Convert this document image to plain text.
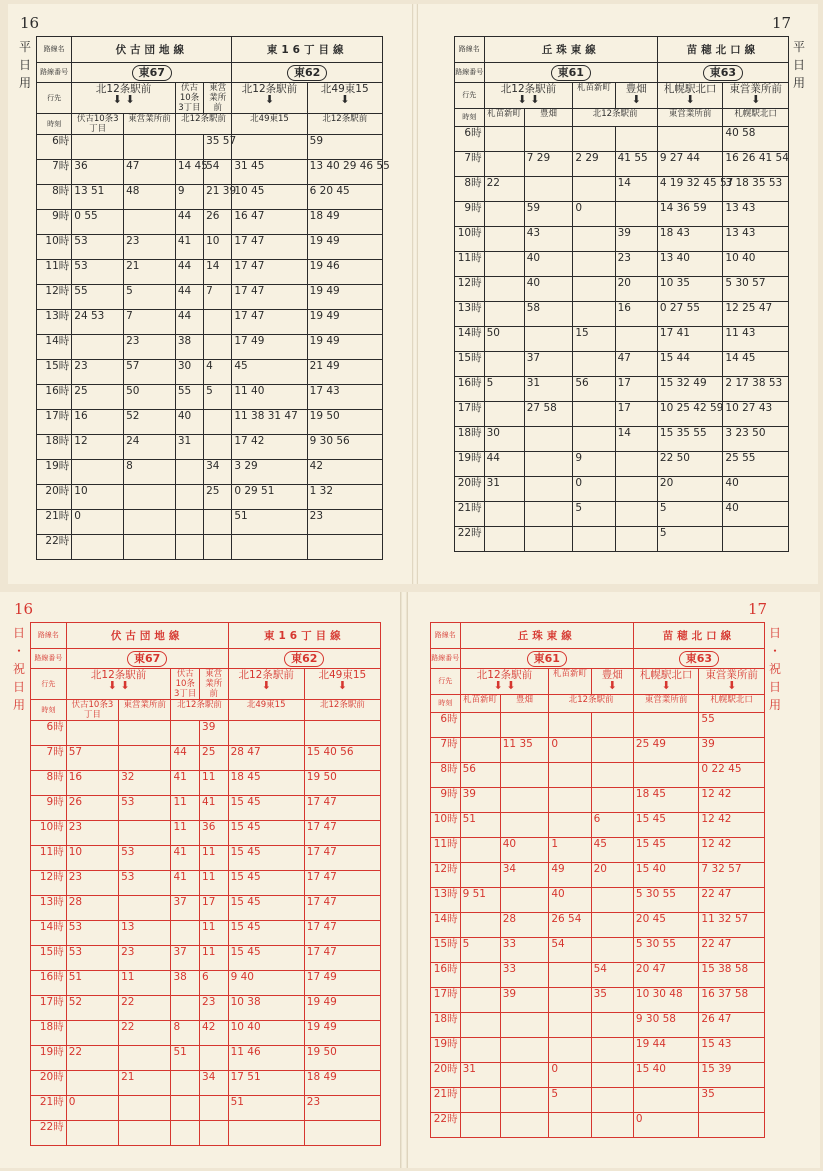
16
平
日
用
路線名	伏古団地線				東16丁目線	
路線番号	東67				東62	
行先	北12条駅前
⬇ ⬇		伏古10条3丁目	東営業所前	北12条駅前
⬇	北49東15
⬇

時刻	伏古10条3丁目	東営業所前	北12条駅前		北49東15	北12条駅前
6時				35 57		59
7時	36	47	14 45	54	31 45	13 40 29 46 55
8時	13 51	48	9	21 39	10 45	6 20 45
9時	0 55		44	26	16 47	18 49
10時	53	23	41	10	17 47	19 49
11時	53	21	44	14	17 47	19 46
12時	55	5	44	7	17 47	19 49
13時	24 53	7	44		17 47	19 49
14時		23	38		17 49	19 49
15時	23	57	30	4	45	21 49
16時	25	50	55	5	11 40	17 43
17時	16	52	40		11 38 31 47	19 50
18時	12	24	31		17 42	9 30 56
19時		8		34	3 29	42
20時	10			25	0 29 51	1 32
21時	0				51	23
22時						
17
平
日
用
路線名	丘珠東線				苗穂北口線	
路線番号	東61				東63	
行先	北12条駅前
⬇ ⬇		札苗新町	豊畑
⬇	札幌駅北口
⬇	東営業所前
⬇

時刻	札苗新町	豊畑	北12条駅前		東営業所前	札幌駅北口
6時						40 58
7時		7 29	2 29	41 55	9 27 44	16 26 41 54
8時	22			14	4 19 32 45 57	3 18 35 53
9時		59	0		14 36 59	13 43
10時		43		39	18 43	13 43
11時		40		23	13 40	10 40
12時		40		20	10 35	5 30 57
13時		58		16	0 27 55	12 25 47
14時	50		15		17 41	11 43
15時		37		47	15 44	14 45
16時	5	31	56	17	15 32 49	2 17 38 53
17時		27 58		17	10 25 42 59	10 27 43
18時	30			14	15 35 55	3 23 50
19時	44		9		22 50	25 55
20時	31		0		20	40
21時			5		5	40
22時					5	
16
日
・
祝
日
用
路線名	伏古団地線				東16丁目線	
路線番号	東67				東62	
行先	北12条駅前
⬇ ⬇		伏古10条3丁目	東営業所前	北12条駅前
⬇	北49東15
⬇

時刻	伏古10条3丁目	東営業所前	北12条駅前		北49東15	北12条駅前
6時				39		
7時	57		44	25	28 47	15 40 56
8時	16	32	41	11	18 45	19 50
9時	26	53	11	41	15 45	17 47
10時	23		11	36	15 45	17 47
11時	10	53	41	11	15 45	17 47
12時	23	53	41	11	15 45	17 47
13時	28		37	17	15 45	17 47
14時	53	13		11	15 45	17 47
15時	53	23	37	11	15 45	17 47
16時	51	11	38	6	9 40	17 49
17時	52	22		23	10 38	19 49
18時		22	8	42	10 40	19 49
19時	22		51		11 46	19 50
20時		21		34	17 51	18 49
21時	0				51	23
22時						
17
日
・
祝
日
用
路線名	丘珠東線				苗穂北口線	
路線番号	東61				東63	
行先	北12条駅前
⬇ ⬇		札苗新町	豊畑
⬇	札幌駅北口
⬇	東営業所前
⬇

時刻	札苗新町	豊畑	北12条駅前		東営業所前	札幌駅北口
6時						55
7時		11 35	0		25 49	39
8時	56					0 22 45
9時	39				18 45	12 42
10時	51			6	15 45	12 42
11時		40	1	45	15 45	12 42
12時		34	49	20	15 40	7 32 57
13時	9 51		40		5 30 55	22 47
14時		28	26 54		20 45	11 32 57
15時	5	33	54		5 30 55	22 47
16時		33		54	20 47	15 38 58
17時		39		35	10 30 48	16 37 58
18時					9 30 58	26 47
19時					19 44	15 43
20時	31		0		15 40	15 39
21時			5			35
22時					0	
